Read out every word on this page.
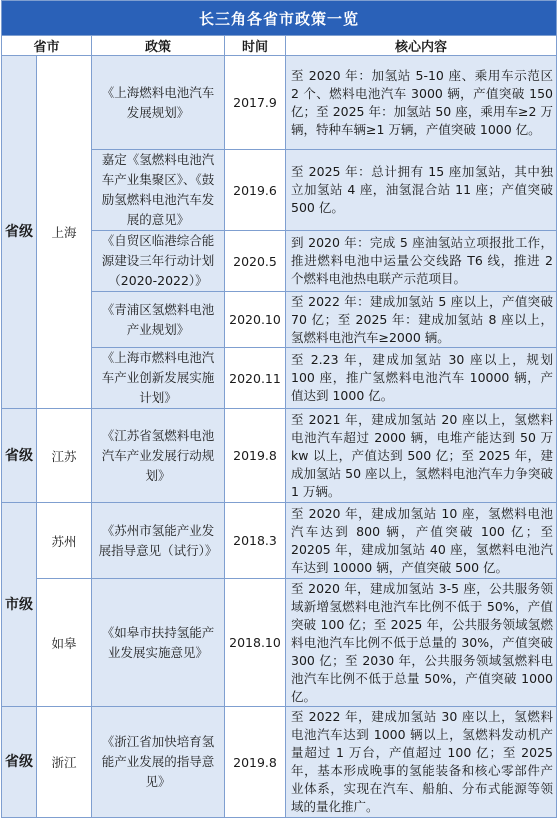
长三角各省市政策一览				
省市		政策	时间	核心内容
省级	上海	《上海燃料电池汽车发展规划》	2017.9	至 2020 年：加氢站 5-10 座、乘用车示范区 2 个、燃料电池汽车 3000 辆，产值突破 150 亿；至 2025 年：加氢站 50 座，乘用车≥2 万辆，特种车辆≥1 万辆，产值突破 1000 亿。
		嘉定《氢燃料电池汽车产业集聚区》、《鼓励氢燃料电池汽车发展的意见》	2019.6	至 2025 年：总计拥有 15 座加氢站，其中独立加氢站 4 座，油氢混合站 11 座；产值突破 500 亿。
		《自贸区临港综合能源建设三年行动计划（2020-2022）》	2020.5	到 2020 年：完成 5 座油氢站立项报批工作，推进燃料电池中运量公交线路 T6 线，推进 2 个燃料电池热电联产示范项目。
		《青浦区氢燃料电池产业规划》	2020.10	至 2022 年：建成加氢站 5 座以上，产值突破 70 亿；至 2025 年：建成加氢站 8 座以上，氢燃料电池汽车≥2000 辆。
		《上海市燃料电池汽车产业创新发展实施计划》	2020.11	至 2.23 年，建成加氢站 30 座以上，规划 100 座，推广氢燃料电池汽车 10000 辆，产值达到 1000 亿。
省级	江苏	《江苏省氢燃料电池汽车产业发展行动规划》	2019.8	至 2021 年，建成加氢站 20 座以上，氢燃料电池汽车超过 2000 辆，电堆产能达到 50 万 kw 以上，产值达到 500 亿；至 2025 年，建成加氢站 50 座以上，氢燃料电池汽车力争突破 1 万辆。
市级	苏州	《苏州市氢能产业发展指导意见（试行）》	2018.3	至 2020 年，建成加氢站 10 座，氢燃料电池汽车达到 800 辆，产值突破 100 亿；至 20205 年，建成加氢站 40 座，氢燃料电池汽车达到 10000 辆，产值突破 500 亿。
	如皋	《如皋市扶持氢能产业发展实施意见》	2018.10	至 2020 年，建成加氢站 3-5 座，公共服务领域新增氢燃料电池汽车比例不低于 50%，产值突破 100 亿；至 2025 年，公共服务领域氢燃料电池汽车比例不低于总量的 30%，产值突破 300 亿；至 2030 年，公共服务领域氢燃料电池汽车比例不低于总量 50%，产值突破 1000 亿。
省级	浙江	《浙江省加快培育氢能产业发展的指导意见》	2019.8	至 2022 年，建成加氢站 30 座以上，氢燃料电池汽车达到 1000 辆以上，氢燃料发动机产量超过 1 万台，产值超过 100 亿；至 2025 年，基本形成晚事的氢能装备和核心零部件产业体系，实现在汽车、船舶、分布式能源等领域的量化推广。
